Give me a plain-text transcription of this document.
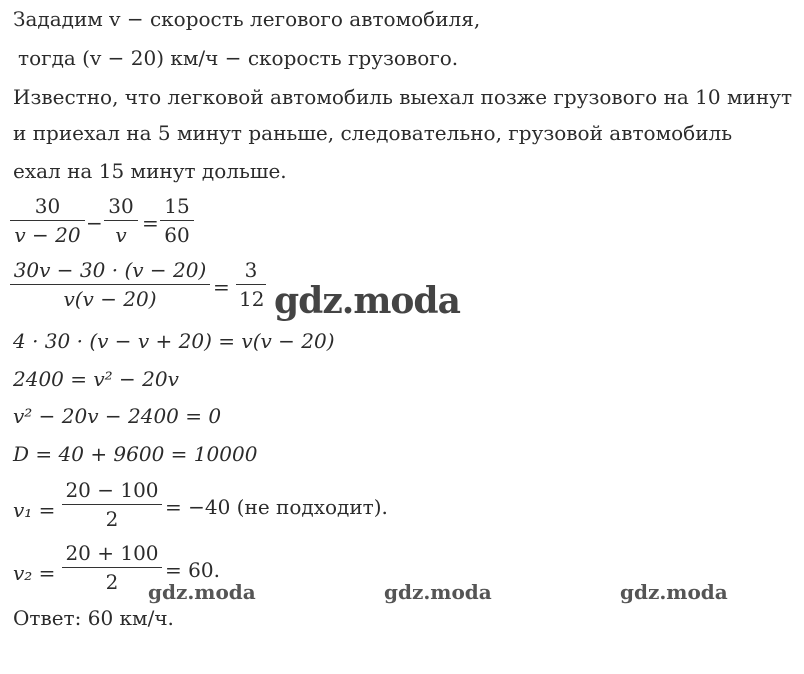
Зададим v − скорость легового автомобиля,
тогда (v − 20) км/ч − скорость грузового.
Известно, что легковой автомобиль выехал позже грузового на 10 минут
и приехал на 5 минут раньше, следовательно, грузовой автомобиль
ехал на 15 минут дольше.
30
v − 20 −
30
v =
15
60
30v − 30 · (v − 20)
v(v − 20)	=
3
12 gdz.moda
4 · 30 · (v − v + 20) = v(v − 20)
2400 = v² − 20v
v² − 20v − 2400 = 0
D = 40 + 9600 = 10000
v₁ =
20 − 100
2	= −40 (не подходит).
v₂ =
20 + 100
2	= 60.
gdz.moda	gdz.moda	gdz.moda
Ответ: 60 км/ч.
